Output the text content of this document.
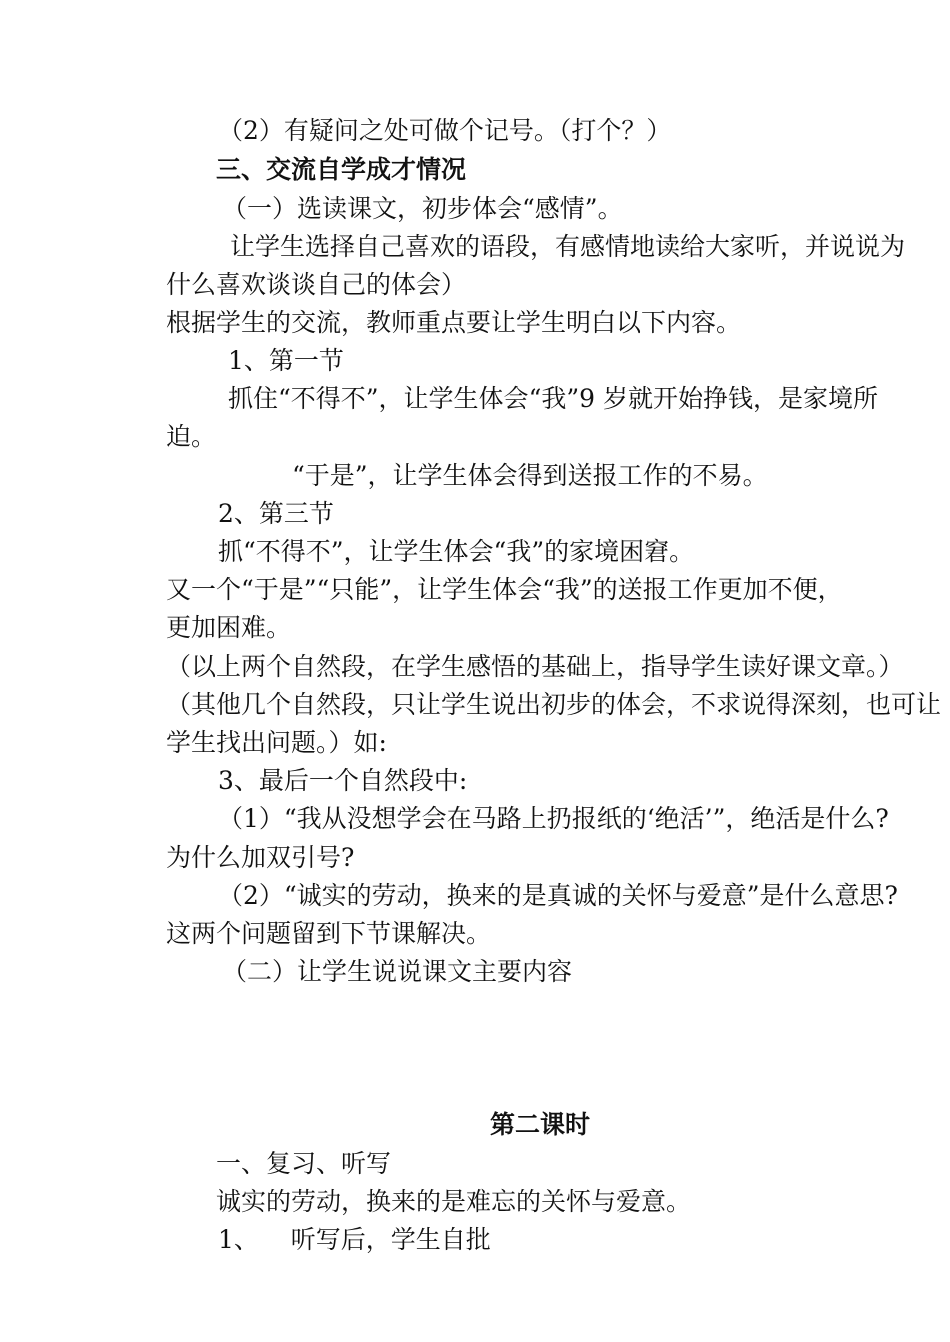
（2）有疑问之处可做个记号。（打个？）
三、交流自学成才情况
（一）选读课文，初步体会“感情”。
让学生选择自己喜欢的语段，有感情地读给大家听，并说说为
什么喜欢谈谈自己的体会）
根据学生的交流，教师重点要让学生明白以下内容。
1、第一节
抓住“不得不”，让学生体会“我”9 岁就开始挣钱，是家境所
迫。
“于是”，让学生体会得到送报工作的不易。
2、第三节
抓“不得不”，让学生体会“我”的家境困窘。
又一个“于是”“只能”，让学生体会“我”的送报工作更加不便，
更加困难。
（以上两个自然段，在学生感悟的基础上，指导学生读好课文章。）
（其他几个自然段，只让学生说出初步的体会，不求说得深刻，也可让
学生找出问题。）如:
3、最后一个自然段中:
（1）“我从没想学会在马路上扔报纸的‘绝活’”，绝活是什么?
为什么加双引号?
（2）“诚实的劳动，换来的是真诚的关怀与爱意”是什么意思?
这两个问题留到下节课解决。
（二）让学生说说课文主要内容
第二课时
一、复习、听写
诚实的劳动，换来的是难忘的关怀与爱意。
1、    听写后，学生自批
